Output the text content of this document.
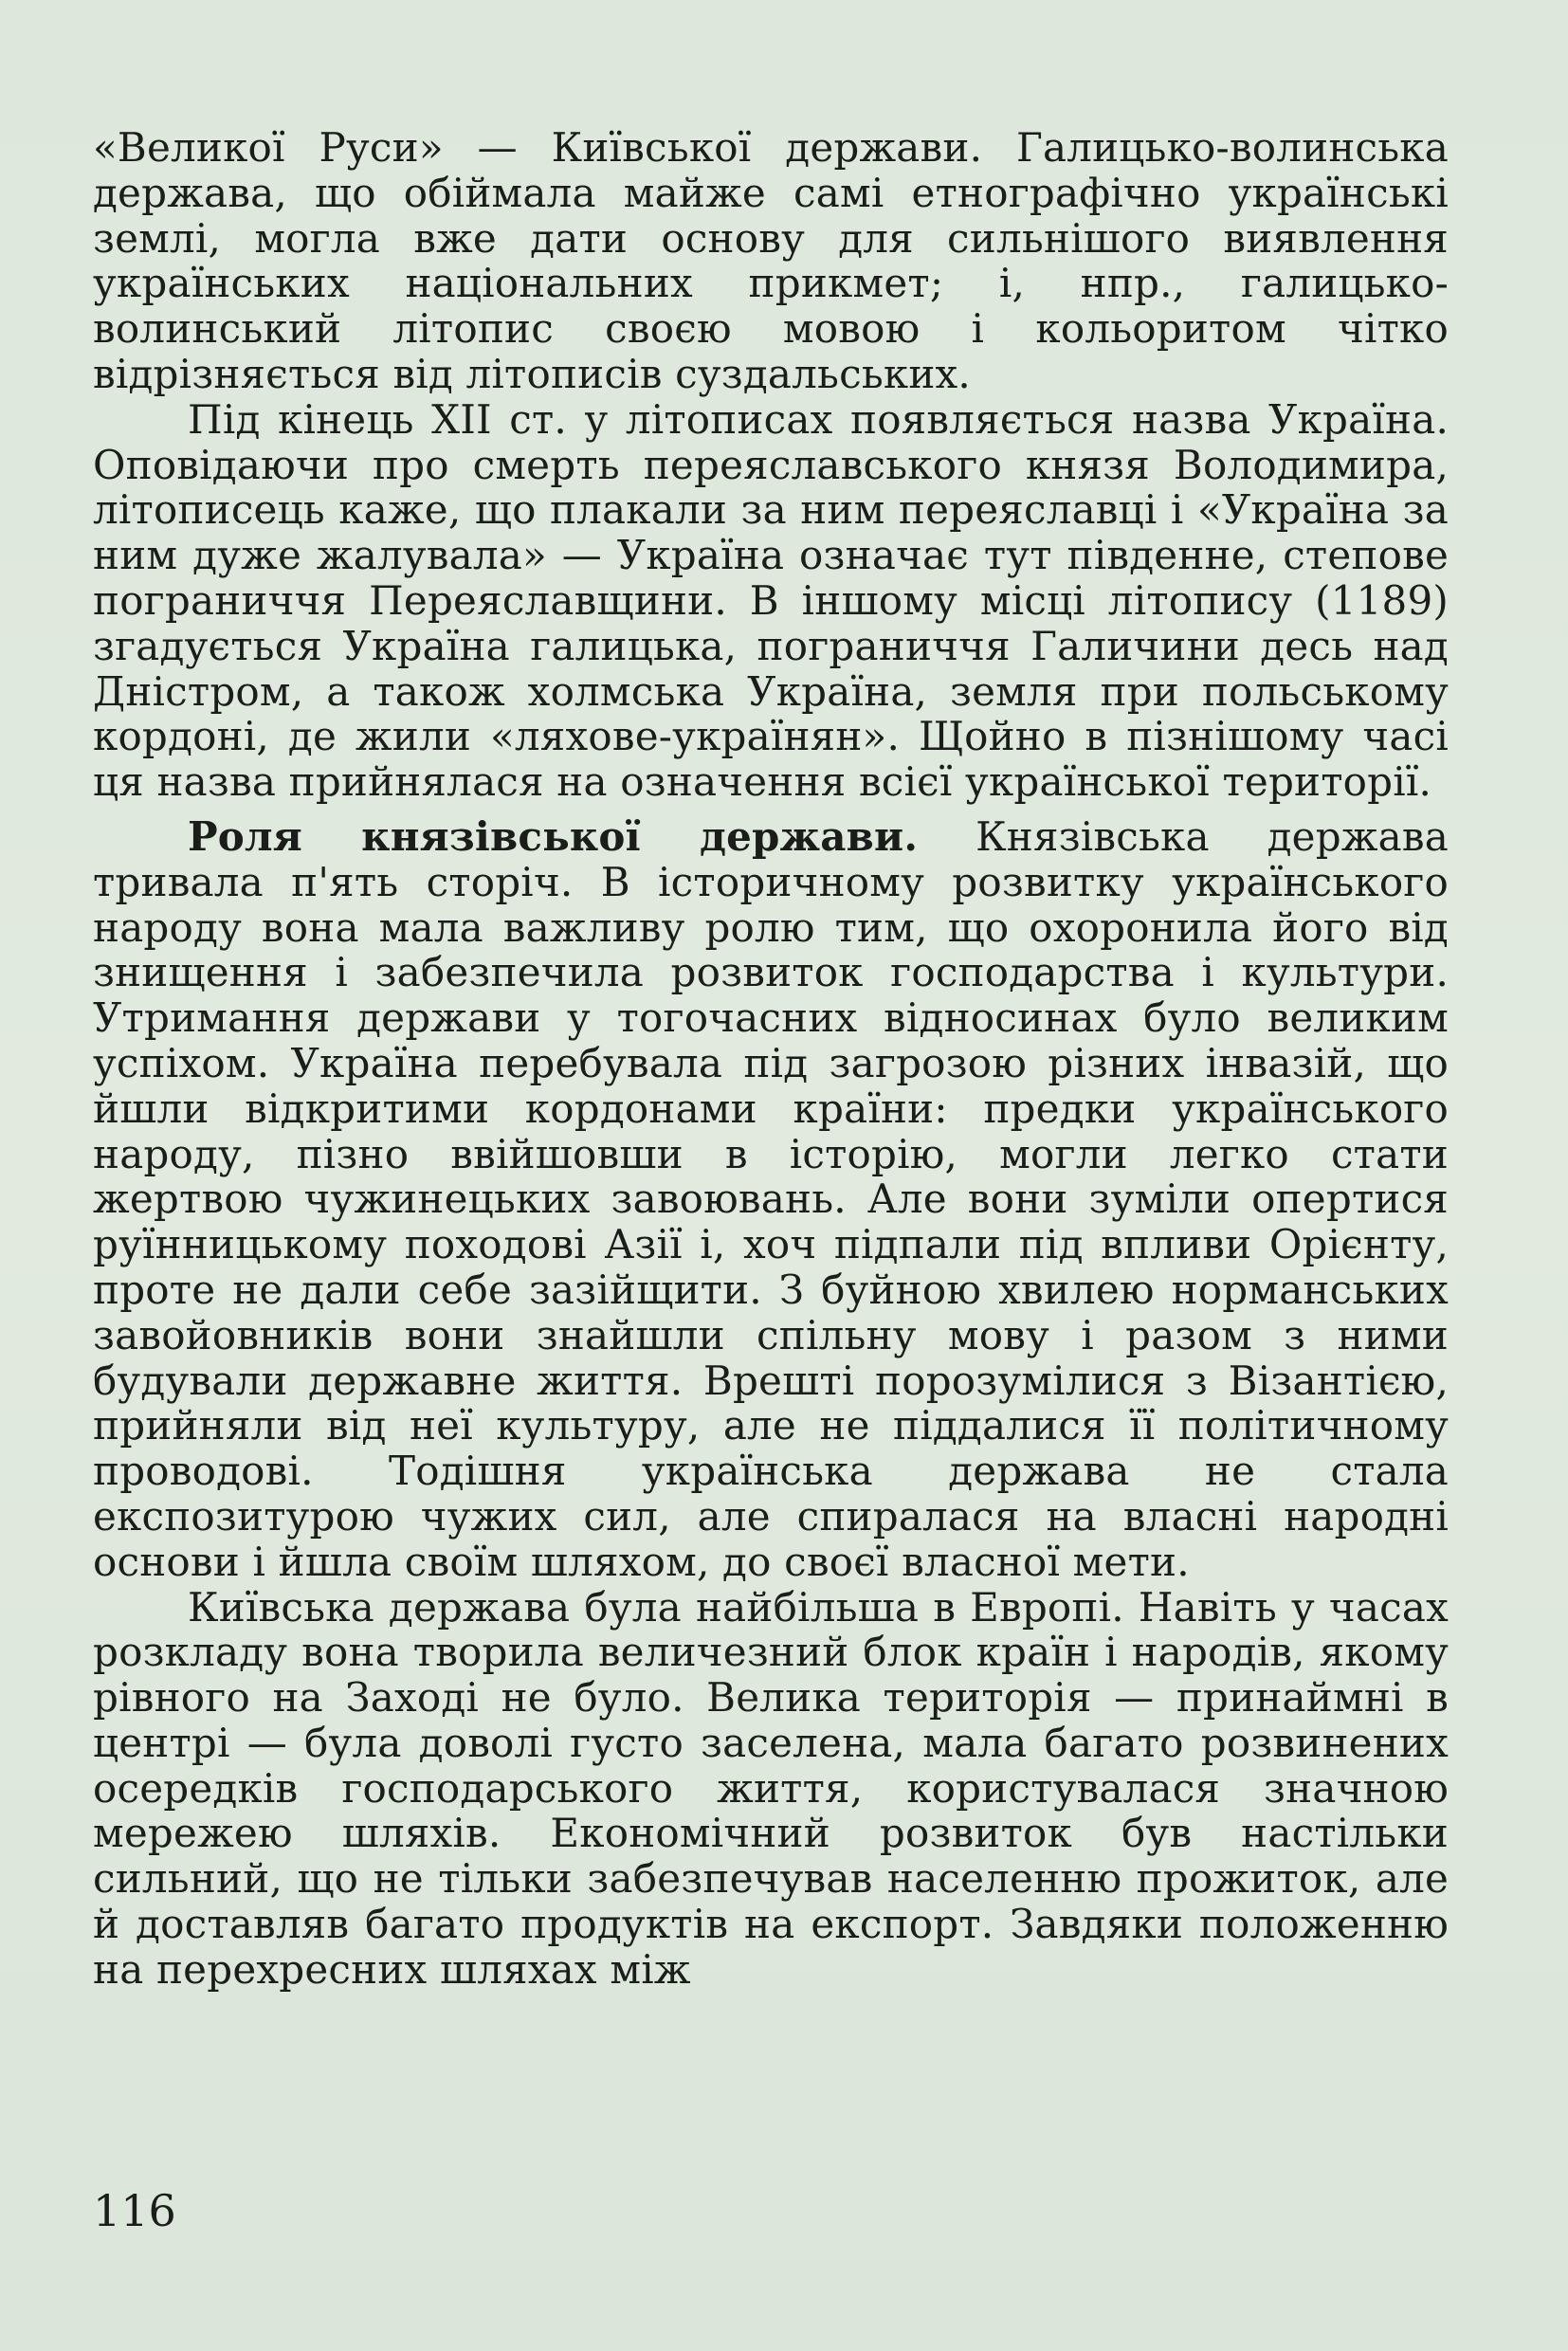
«Великої Руси» — Київської держави. Галицько-волинська держава, що обіймала майже самі етнографічно українські землі, могла вже дати основу для сильнішого виявлення українських національних прикмет; і, нпр., галицько-волинський літопис своєю мовою і кольоритом чітко відрізняється від літописів суздальських.

Під кінець XII ст. у літописах появляється назва Україна. Оповідаючи про смерть переяславського князя Володимира, літописець каже, що плакали за ним переяславці і «Україна за ним дуже жалувала» — Україна означає тут південне, степове пограниччя Переяславщини. В іншому місці літопису (1189) згадується Україна галицька, пограниччя Галичини десь над Дністром, а також холмська Україна, земля при польському кордоні, де жили «ляхове-українян». Щойно в пізнішому часі ця назва прийнялася на означення всієї української території.

Роля князівської держави. Князівська держава тривала п'ять сторіч. В історичному розвитку українського народу вона мала важливу ролю тим, що охоронила його від знищення і забезпечила розвиток господарства і культури. Утримання держави у тогочасних відносинах було великим успіхом. Україна перебувала під загрозою різних інвазій, що йшли відкритими кордонами країни: предки українського народу, пізно ввійшовши в історію, могли легко стати жертвою чужинецьких завоювань. Але вони зуміли опертися руїнницькому походові Азії і, хоч підпали під впливи Орієнту, проте не дали себе зазійщити. З буйною хвилею норманських завойовників вони знайшли спільну мову і разом з ними будували державне життя. Врешті порозумілися з Візантією, прийняли від неї культуру, але не піддалися її політичному проводові. Тодішня українська держава не стала експозитурою чужих сил, але спиралася на власні народні основи і йшла своїм шляхом, до своєї власної мети.

Київська держава була найбільша в Европі. Навіть у часах розкладу вона творила величезний блок країн і народів, якому рівного на Заході не було. Велика територія — принаймні в центрі — була доволі густо заселена, мала багато розвинених осередків господарського життя, користувалася значною мережею шляхів. Економічний розвиток був настільки сильний, що не тільки забезпечував населенню прожиток, але й доставляв багато продуктів на експорт. Завдяки положенню на перехресних шляхах між

116
